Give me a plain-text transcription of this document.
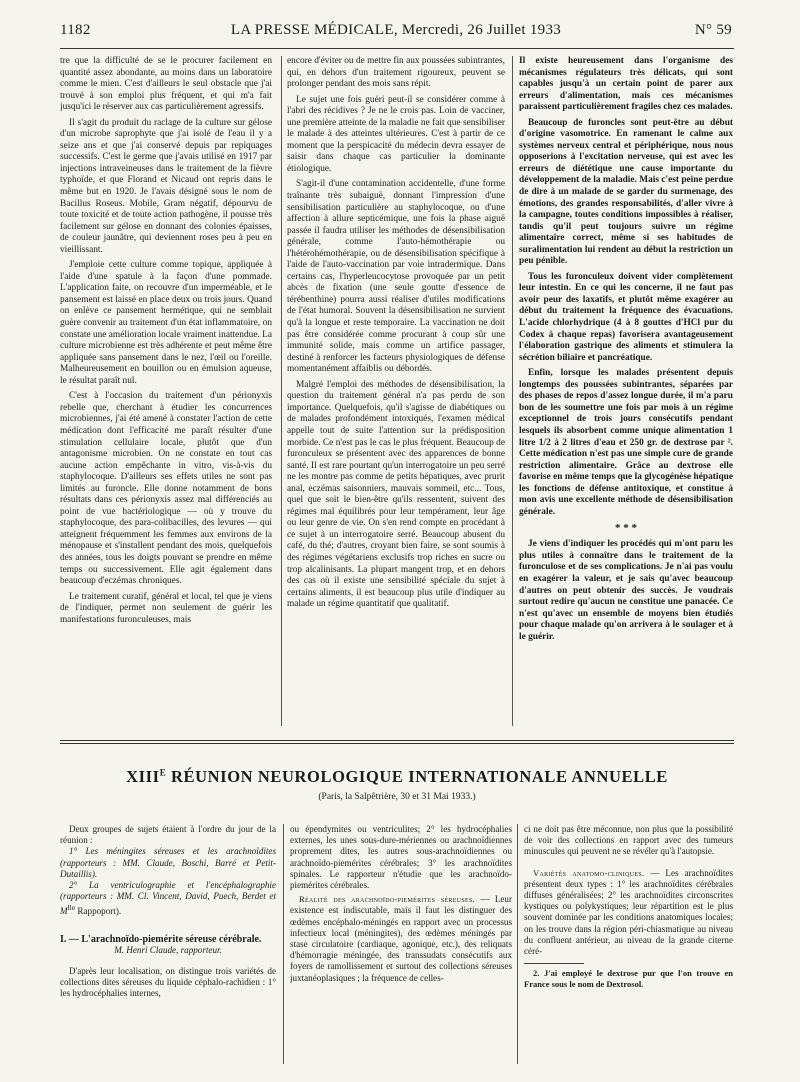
1182	LA PRESSE MÉDICALE, Mercredi, 26 Juillet 1933	N° 59

tre que la difficulté de se le procurer facilement en quantité assez abondante, au moins dans un laboratoire comme le mien. C'est d'ailleurs le seul obstacle que j'ai trouvé à son emploi plus fréquent, et qui m'a fait jusqu'ici le réserver aux cas particulièrement agressifs.

Il s'agit du produit du raclage de la culture sur gélose d'un microbe saprophyte que j'ai isolé de l'eau il y a seize ans et que j'ai conservé depuis par repiquages successifs. C'est le germe que j'avais utilisé en 1917 par injections intraveineuses dans le traitement de la fièvre typhoïde, et que Florand et Nicaud ont repris dans le même but en 1920. Je l'avais désigné sous le nom de Bacillus Roseus. Mobile, Gram négatif, dépourvu de toute toxicité et de toute action pathogène, il pousse très facilement sur gélose en donnant des colonies épaisses, de couleur jaunâtre, qui deviennent roses peu à peu en vieillissant.

J'emploie cette culture comme topique, appliquée à l'aide d'une spatule à la façon d'une pommade. L'application faite, on recouvre d'un imperméable, et le pansement est laissé en place deux ou trois jours. Quand on enlève ce pansement hermétique, qui ne semblait guère convenir au traitement d'un état inflammatoire, on constate une amélioration locale vraiment inattendue. La culture microbienne est très adhérente et peut même être appliquée sans pansement dans le nez, l'œil ou l'oreille. Malheureusement en bouillon ou en émulsion aqueuse, le résultat paraît nul.

C'est à l'occasion du traitement d'un périonyxis rebelle que, cherchant à étudier les concurrences microbiennes, j'ai été amené à constater l'action de cette médication dont l'efficacité me paraît résulter d'une stimulation cellulaire locale, plutôt que d'un antagonisme microbien. On ne constate en tout cas aucune action empêchante in vitro, vis-à-vis du staphylocoque. D'ailleurs ses effets utiles ne sont pas limités au furoncle. Elle donne notamment de bons résultats dans ces périonyxis assez mal différenciés au point de vue bactériologique — où y trouve du staphylocoque, des para-colibacilles, des levures — qui atteignent fréquemment les femmes aux environs de la ménopause et s'installent pendant des mois, quelquefois des années, tous les doigts pouvant se prendre en même temps ou successivement. Elle agit également dans beaucoup d'eczémas chroniques.

Le traitement curatif, général et local, tel que je viens de l'indiquer, permet non seulement de guérir les manifestations furonculeuses, mais

encore d'éviter ou de mettre fin aux poussées subintrantes, qui, en dehors d'un traitement rigoureux, peuvent se prolonger pendant des mois sans répit.

Le sujet une fois guéri peut-il se considérer comme à l'abri des récidives ? Je ne le crois pas. Loin de vacciner, une première atteinte de la maladie ne fait que sensibiliser le malade à des atteintes ultérieures. C'est à partir de ce moment que la perspicacité du médecin devra essayer de saisir dans chaque cas particulier la dominante étiologique.

S'agit-il d'une contamination accidentelle, d'une forme traînante très subaiguë, donnant l'impression d'une sensibilisation particulière au staphylocoque, ou d'une affection à allure septicémique, une fois la phase aiguë passée il faudra utiliser les méthodes de désensibilisation générale, comme l'auto-hémothérapie ou l'hétérohémothérapie, ou de désensibilisation spécifique à l'aide de l'auto-vaccination par voie intradermique. Dans certains cas, l'hyperleucocytose provoquée par un petit abcès de fixation (une seule goutte d'essence de térébenthine) pourra aussi réaliser d'utiles modifications de l'état humoral. Souvent la désensibilisation ne survient qu'à la longue et reste temporaire. La vaccination ne doit pas être considérée comme procurant à coup sûr une immunité solide, mais comme un artifice passager, destiné à renforcer les facteurs physiologiques de défense momentanément affaiblis ou débordés.

Malgré l'emploi des méthodes de désensibilisation, la question du traitement général n'a pas perdu de son importance. Quelquefois, qu'il s'agisse de diabétiques ou de malades profondément intoxiqués, l'examen médical appelle tout de suite l'attention sur la prédisposition morbide. Ce n'est pas le cas le plus fréquent. Beaucoup de furonculeux se présentent avec des apparences de bonne santé. Il est rare pourtant qu'un interrogatoire un peu serré ne les montre pas comme de petits hépatiques, avec prurit anal, eczémas saisonniers, mauvais sommeil, etc... Tous, quel que soit le bien-être qu'ils ressentent, suivent des régimes mal équilibrés pour leur tempérament, leur âge ou leur genre de vie. On s'en rend compte en procédant à ce sujet à un interrogatoire serré. Beaucoup abusent du café, du thé; d'autres, croyant bien faire, se sont soumis à des régimes végétariens exclusifs trop riches en sucre ou trop alcalinisants. La plupart mangent trop, et en dehors des cas où il existe une sensibilité spéciale du sujet à certains aliments, il est beaucoup plus utile d'indiquer au malade un régime quantitatif que qualitatif.

Il existe heureusement dans l'organisme des mécanismes régulateurs très délicats, qui sont capables jusqu'à un certain point de parer aux erreurs d'alimentation, mais ces mécanismes paraissent particulièrement fragiles chez ces malades.

Beaucoup de furoncles sont peut-être au début d'origine vasomotrice. En ramenant le calme aux systèmes nerveux central et périphérique, nous nous opposerions à l'excitation nerveuse, qui est avec les erreurs de diététique une cause importante du développement de la maladie. Mais c'est peine perdue de dire à un malade de se garder du surmenage, des émotions, des grandes responsabilités, d'aller vivre à la campagne, toutes conditions impossibles à réaliser, tandis qu'il peut toujours suivre un régime alimentaire correct, même si ses habitudes de suralimentation lui rendent au début la restriction un peu pénible.

Tous les furonculeux doivent vider complètement leur intestin. En ce qui les concerne, il ne faut pas avoir peur des laxatifs, et plutôt même exagérer au début du traitement la fréquence des évacuations. L'acide chlorhydrique (4 à 8 gouttes d'HCl pur du Codex à chaque repas) favorisera avantageusement l'élaboration gastrique des aliments et stimulera la sécrétion biliaire et pancréatique.

Enfin, lorsque les malades présentent depuis longtemps des poussées subintrantes, séparées par des phases de repos d'assez longue durée, il m'a paru bon de les soumettre une fois par mois à un régime exceptionnel de trois jours consécutifs pendant lesquels ils absorbent comme unique alimentation 1 litre 1/2 à 2 litres d'eau et 250 gr. de dextrose par ². Cette médication n'est pas une simple cure de grande restriction alimentaire. Grâce au dextrose elle favorise en même temps que la glycogénèse hépatique les fonctions de défense antitoxique, et constitue à mon avis une excellente méthode de désensibilisation générale.

* * *

Je viens d'indiquer les procédés qui m'ont paru les plus utiles à connaître dans le traitement de la furonculose et de ses complications. Je n'ai pas voulu en exagérer la valeur, et je sais qu'avec beaucoup d'autres on peut obtenir des succès. Je voudrais surtout redire qu'aucun ne constitue une panacée. Ce n'est qu'avec un ensemble de moyens bien étudiés pour chaque malade qu'on arrivera à le soulager et à le guérir.

$XIII^E$ RÉUNION NEUROLOGIQUE INTERNATIONALE ANNUELLE
(Paris, la Salpêtrière, 30 et 31 Mai 1933.)

Deux groupes de sujets étaient à l'ordre du jour de la réunion :

1° Les méningites séreuses et les arachnoïdites (rapporteurs : MM. Claude, Boschi, Barré et Petit-Dutaillis).

2° La ventriculographie et l'encéphalographie (rapporteurs : MM. Cl. Vincent, David, Puech, Berdet et $M^{lle}$ Rappoport).

I. — L'arachnoïdo-piemérite séreuse cérébrale.

M. Henri Claude, rapporteur.

D'après leur localisation, on distingue trois variétés de collections dites séreuses du liquide céphalo-rachidien : 1° les hydrocéphalies internes,

ou épendymites ou ventriculites; 2° les hydrocéphalies externes, les unes sous-dure-mériennes ou arachnoïdiennes proprement dites, les autres sous-arachnoïdiennes ou arachnoïdo-piemérites cérébrales; 3° les arachnoïdites spinales. Le rapporteur n'étudie que les arachnoïdo-piemérites cérébrales.

Réalité des arachnoïdo-piemérites séreuses. — Leur existence est indiscutable, mais il faut les distinguer des œdèmes encéphalo-méningés en rapport avec un processus infectieux local (méningites), des œdèmes méningés par stase circulatoire (cardiaque, agonique, etc.), des reliquats d'hémorragie méningée, des transsudats consécutifs aux foyers de ramollissement et surtout des collections séreuses juxtanéoplasiques ; la fréquence de celles-

ci ne doit pas être méconnue, non plus que la possibilité de voir des collections en rapport avec des tumeurs minuscules qui peuvent ne se révéler qu'à l'autopsie.

Variétés anatomo-cliniques. — Les arachnoïdites présentent deux types : 1° les arachnoïdites cérébrales diffuses généralisées; 2° les arachnoïdites circonscrites kystiques ou polykystiques; leur répartition est le plus souvent dominée par les conditions anatomiques locales; on les trouve dans la région péri-chiasmatique au niveau du confluent antérieur, au niveau de la grande citerne céré-

2. J'ai employé le dextrose pur que l'on trouve en France sous le nom de Dextrosol.
